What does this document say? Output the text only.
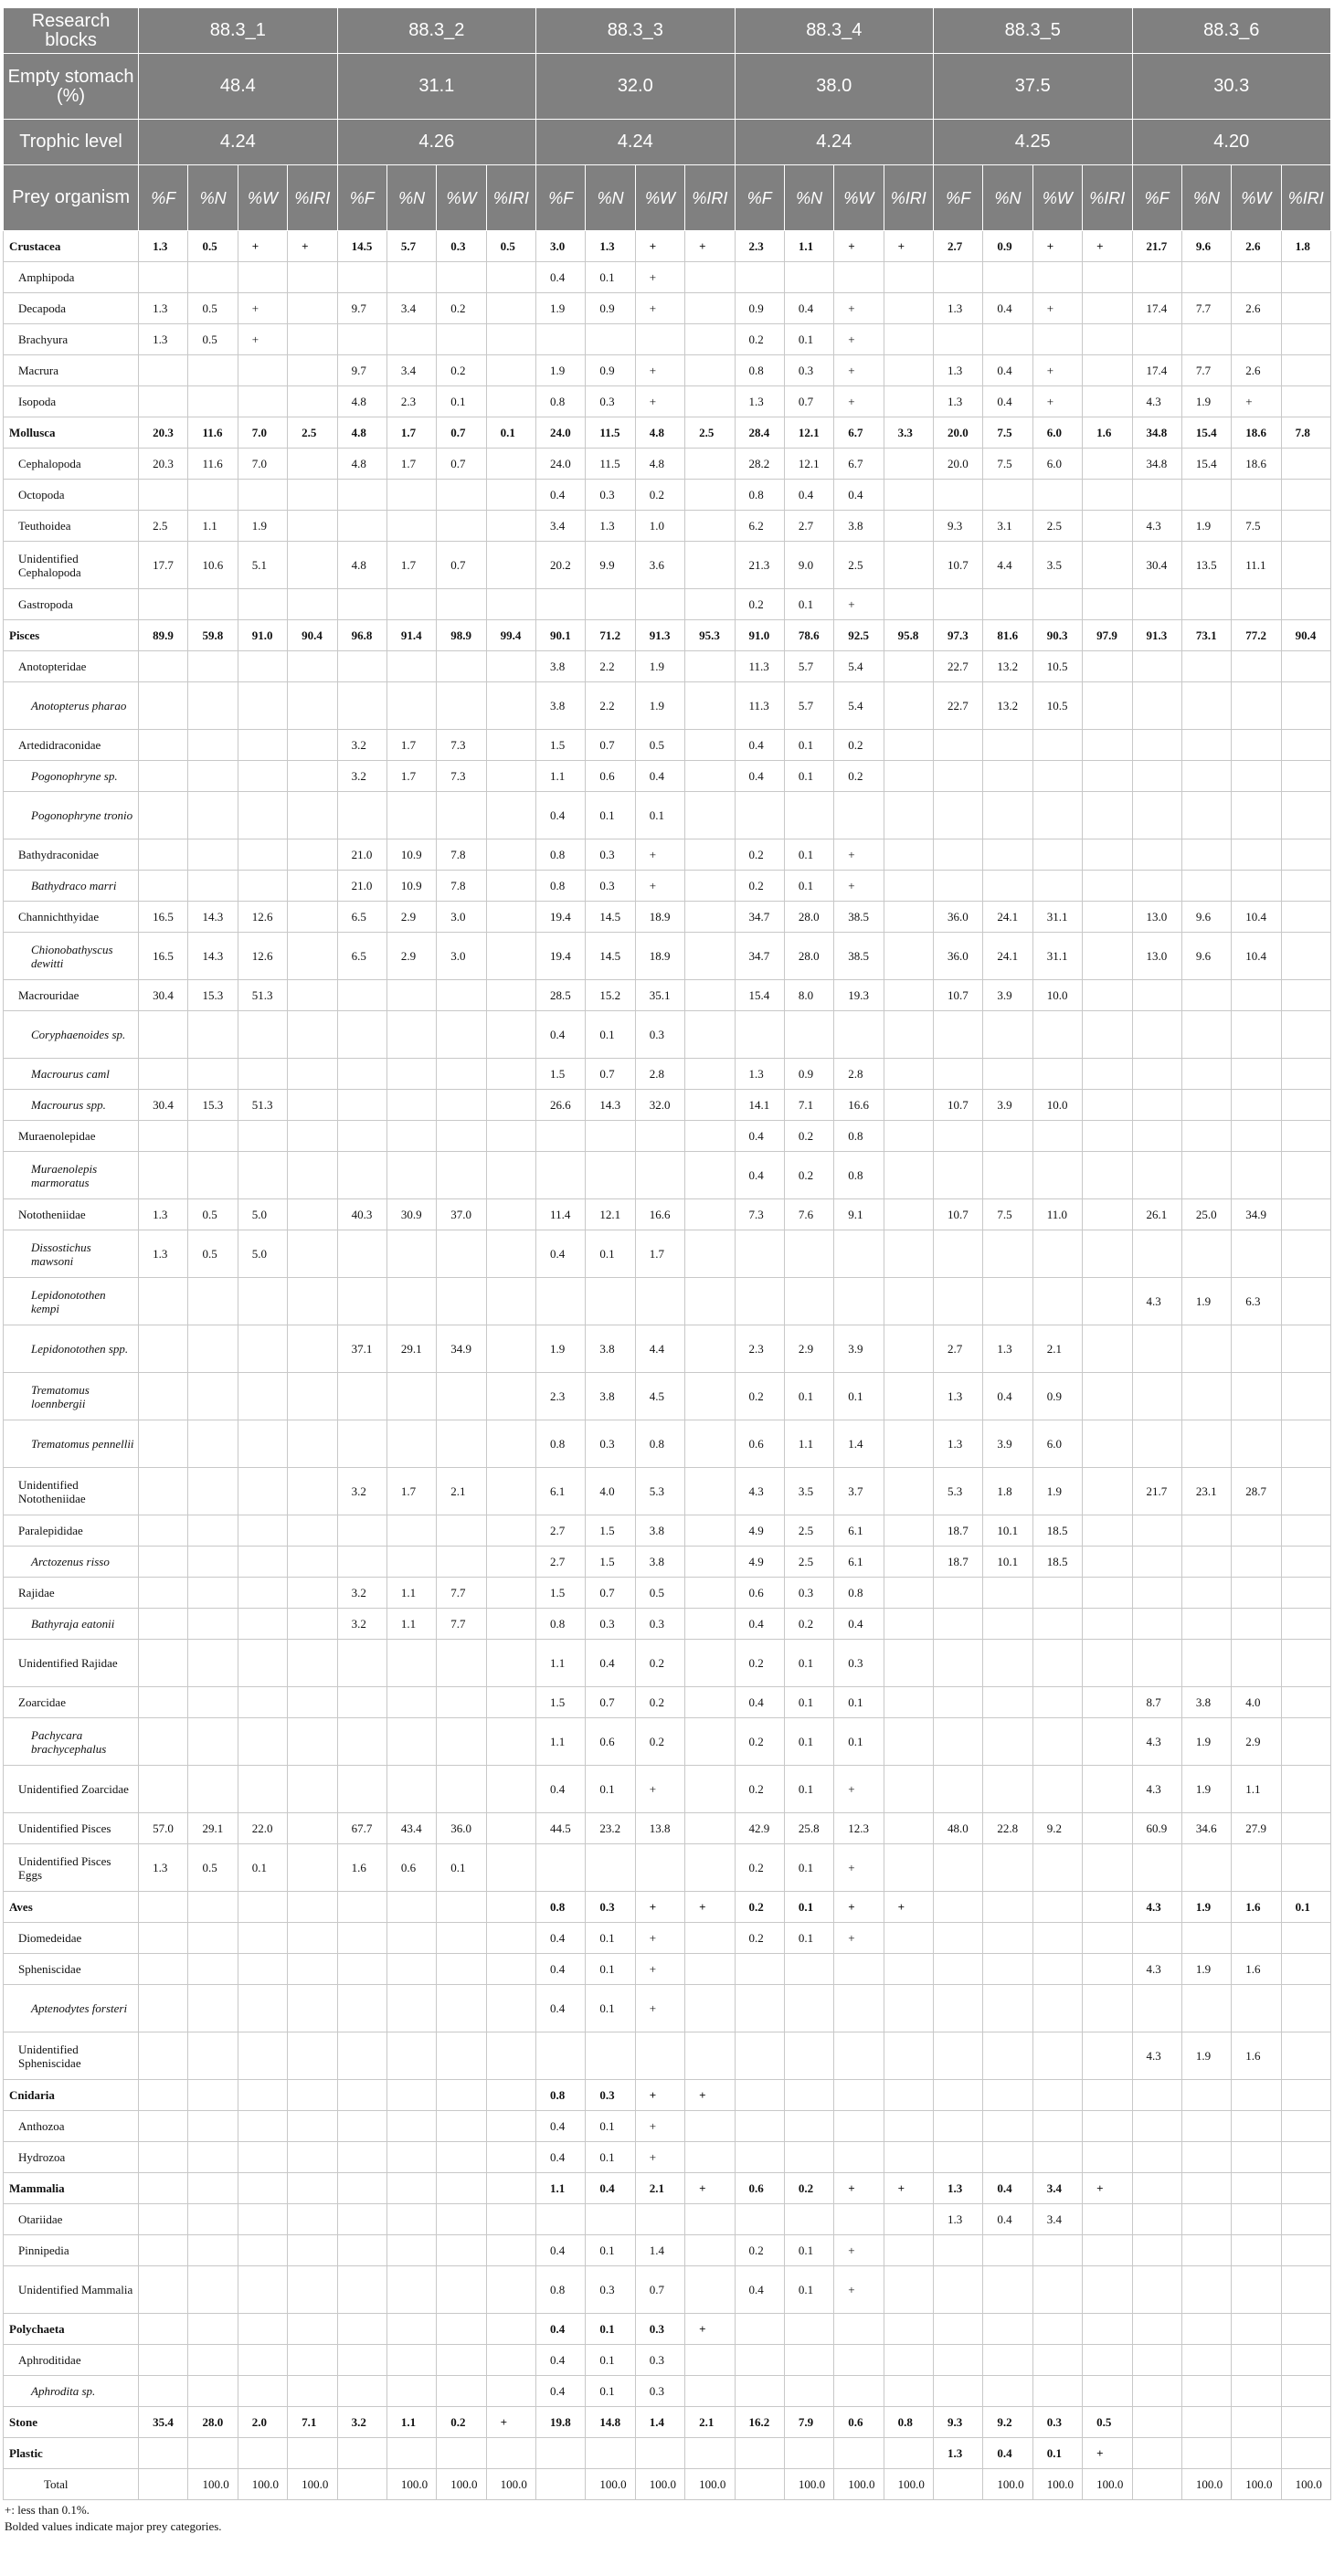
Research blocks	88.3_1				88.3_2				88.3_3				88.3_4				88.3_5				88.3_6			
Empty stomach (%)	48.4				31.1				32.0				38.0				37.5				30.3			
Trophic level	4.24				4.26				4.24				4.24				4.25				4.20			
Prey organism	%F	%N	%W	%IRI	%F	%N	%W	%IRI	%F	%N	%W	%IRI	%F	%N	%W	%IRI	%F	%N	%W	%IRI	%F	%N	%W	%IRI
Crustacea	1.3	0.5	+	+	14.5	5.7	0.3	0.5	3.0	1.3	+	+	2.3	1.1	+	+	2.7	0.9	+	+	21.7	9.6	2.6	1.8
Amphipoda									0.4	0.1	+													
Decapoda	1.3	0.5	+		9.7	3.4	0.2		1.9	0.9	+		0.9	0.4	+		1.3	0.4	+		17.4	7.7	2.6	
Brachyura	1.3	0.5	+										0.2	0.1	+									
Macrura					9.7	3.4	0.2		1.9	0.9	+		0.8	0.3	+		1.3	0.4	+		17.4	7.7	2.6	
Isopoda					4.8	2.3	0.1		0.8	0.3	+		1.3	0.7	+		1.3	0.4	+		4.3	1.9	+	
Mollusca	20.3	11.6	7.0	2.5	4.8	1.7	0.7	0.1	24.0	11.5	4.8	2.5	28.4	12.1	6.7	3.3	20.0	7.5	6.0	1.6	34.8	15.4	18.6	7.8
Cephalopoda	20.3	11.6	7.0		4.8	1.7	0.7		24.0	11.5	4.8		28.2	12.1	6.7		20.0	7.5	6.0		34.8	15.4	18.6	
Octopoda									0.4	0.3	0.2		0.8	0.4	0.4									
Teuthoidea	2.5	1.1	1.9						3.4	1.3	1.0		6.2	2.7	3.8		9.3	3.1	2.5		4.3	1.9	7.5	
Unidentified Cephalopoda	17.7	10.6	5.1		4.8	1.7	0.7		20.2	9.9	3.6		21.3	9.0	2.5		10.7	4.4	3.5		30.4	13.5	11.1	
Gastropoda													0.2	0.1	+									
Pisces	89.9	59.8	91.0	90.4	96.8	91.4	98.9	99.4	90.1	71.2	91.3	95.3	91.0	78.6	92.5	95.8	97.3	81.6	90.3	97.9	91.3	73.1	77.2	90.4
Anotopteridae									3.8	2.2	1.9		11.3	5.7	5.4		22.7	13.2	10.5					
Anotopterus pharao									3.8	2.2	1.9		11.3	5.7	5.4		22.7	13.2	10.5					
Artedidraconidae					3.2	1.7	7.3		1.5	0.7	0.5		0.4	0.1	0.2									
Pogonophryne sp.					3.2	1.7	7.3		1.1	0.6	0.4		0.4	0.1	0.2									
Pogonophryne tronio									0.4	0.1	0.1													
Bathydraconidae					21.0	10.9	7.8		0.8	0.3	+		0.2	0.1	+									
Bathydraco marri					21.0	10.9	7.8		0.8	0.3	+		0.2	0.1	+									
Channichthyidae	16.5	14.3	12.6		6.5	2.9	3.0		19.4	14.5	18.9		34.7	28.0	38.5		36.0	24.1	31.1		13.0	9.6	10.4	
Chionobathyscus dewitti	16.5	14.3	12.6		6.5	2.9	3.0		19.4	14.5	18.9		34.7	28.0	38.5		36.0	24.1	31.1		13.0	9.6	10.4	
Macrouridae	30.4	15.3	51.3						28.5	15.2	35.1		15.4	8.0	19.3		10.7	3.9	10.0					
Coryphaenoides sp.									0.4	0.1	0.3													
Macrourus caml									1.5	0.7	2.8		1.3	0.9	2.8									
Macrourus spp.	30.4	15.3	51.3						26.6	14.3	32.0		14.1	7.1	16.6		10.7	3.9	10.0					
Muraenolepidae													0.4	0.2	0.8									
Muraenolepis marmoratus													0.4	0.2	0.8									
Nototheniidae	1.3	0.5	5.0		40.3	30.9	37.0		11.4	12.1	16.6		7.3	7.6	9.1		10.7	7.5	11.0		26.1	25.0	34.9	
Dissostichus mawsoni	1.3	0.5	5.0						0.4	0.1	1.7													
Lepidonotothen kempi																					4.3	1.9	6.3	
Lepidonotothen spp.					37.1	29.1	34.9		1.9	3.8	4.4		2.3	2.9	3.9		2.7	1.3	2.1					
Trematomus loennbergii									2.3	3.8	4.5		0.2	0.1	0.1		1.3	0.4	0.9					
Trematomus pennellii									0.8	0.3	0.8		0.6	1.1	1.4		1.3	3.9	6.0					
Unidentified Nototheniidae					3.2	1.7	2.1		6.1	4.0	5.3		4.3	3.5	3.7		5.3	1.8	1.9		21.7	23.1	28.7	
Paralepididae									2.7	1.5	3.8		4.9	2.5	6.1		18.7	10.1	18.5					
Arctozenus risso									2.7	1.5	3.8		4.9	2.5	6.1		18.7	10.1	18.5					
Rajidae					3.2	1.1	7.7		1.5	0.7	0.5		0.6	0.3	0.8									
Bathyraja eatonii					3.2	1.1	7.7		0.8	0.3	0.3		0.4	0.2	0.4									
Unidentified Rajidae									1.1	0.4	0.2		0.2	0.1	0.3									
Zoarcidae									1.5	0.7	0.2		0.4	0.1	0.1						8.7	3.8	4.0	
Pachycara brachycephalus									1.1	0.6	0.2		0.2	0.1	0.1						4.3	1.9	2.9	
Unidentified Zoarcidae									0.4	0.1	+		0.2	0.1	+						4.3	1.9	1.1	
Unidentified Pisces	57.0	29.1	22.0		67.7	43.4	36.0		44.5	23.2	13.8		42.9	25.8	12.3		48.0	22.8	9.2		60.9	34.6	27.9	
Unidentified Pisces Eggs	1.3	0.5	0.1		1.6	0.6	0.1						0.2	0.1	+									
Aves									0.8	0.3	+	+	0.2	0.1	+	+					4.3	1.9	1.6	0.1
Diomedeidae									0.4	0.1	+		0.2	0.1	+									
Spheniscidae									0.4	0.1	+										4.3	1.9	1.6	
Aptenodytes forsteri									0.4	0.1	+													
Unidentified Spheniscidae																					4.3	1.9	1.6	
Cnidaria									0.8	0.3	+	+												
Anthozoa									0.4	0.1	+													
Hydrozoa									0.4	0.1	+													
Mammalia									1.1	0.4	2.1	+	0.6	0.2	+	+	1.3	0.4	3.4	+				
Otariidae																	1.3	0.4	3.4					
Pinnipedia									0.4	0.1	1.4		0.2	0.1	+									
Unidentified Mammalia									0.8	0.3	0.7		0.4	0.1	+									
Polychaeta									0.4	0.1	0.3	+												
Aphroditidae									0.4	0.1	0.3													
Aphrodita sp.									0.4	0.1	0.3													
Stone	35.4	28.0	2.0	7.1	3.2	1.1	0.2	+	19.8	14.8	1.4	2.1	16.2	7.9	0.6	0.8	9.3	9.2	0.3	0.5				
Plastic																	1.3	0.4	0.1	+				
Total		100.0	100.0	100.0		100.0	100.0	100.0		100.0	100.0	100.0		100.0	100.0	100.0		100.0	100.0	100.0		100.0	100.0	100.0
+: less than 0.1%.
Bolded values indicate major prey categories.
